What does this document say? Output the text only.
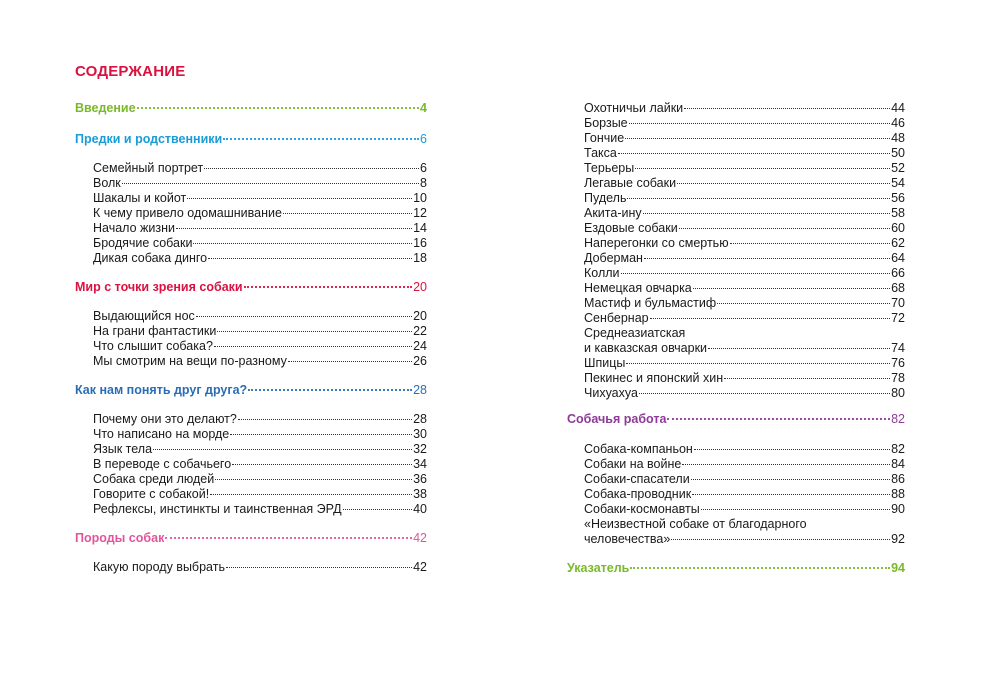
СОДЕРЖАНИЕ
Введение	4
Предки и родственники	6
Семейный портрет	6
Волк	8
Шакалы и койот	10
К чему привело одомашнивание	12
Начало жизни	14
Бродячие собаки	16
Дикая собака динго	18
Мир с точки зрения собаки	20
Выдающийся нос	20
На грани фантастики	22
Что слышит собака?	24
Мы смотрим на вещи по-разному	26
Как нам понять друг друга?	28
Почему они это делают?	28
Что написано на морде	30
Язык тела	32
В переводе с собачьего	34
Собака среди людей	36
Говорите с собакой!	38
Рефлексы, инстинкты и таинственная ЭРД	40
Породы собак	42
Какую породу выбрать	42
Охотничьи лайки	44
Борзые	46
Гончие	48
Такса	50
Терьеры	52
Легавые собаки	54
Пудель	56
Акита-ину	58
Ездовые собаки	60
Наперегонки со смертью	62
Доберман	64
Колли	66
Немецкая овчарка	68
Мастиф и бульмастиф	70
Сенбернар	72
Среднеазиатская
и кавказская овчарки	74
Шпицы	76
Пекинес и японский хин	78
Чихуахуа	80
Собачья работа	82
Собака-компаньон	82
Собаки на войне	84
Собаки-спасатели	86
Собака-проводник	88
Собаки-космонавты	90
«Неизвестной собаке от благодарного
человечества»	92
Указатель	94
